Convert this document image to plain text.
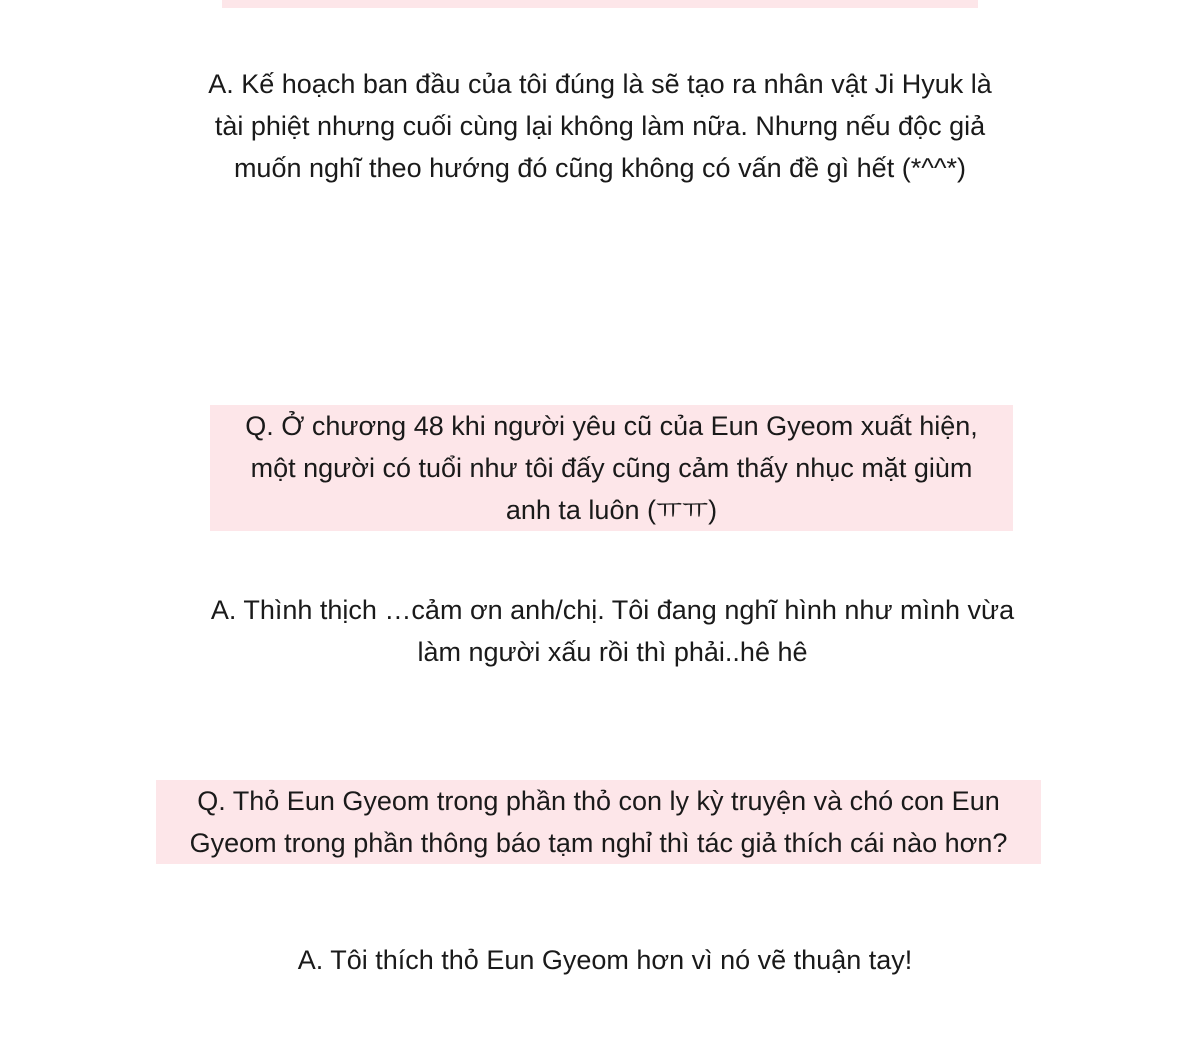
A. Kế hoạch ban đầu của tôi đúng là sẽ tạo ra nhân vật Ji Hyuk là
tài phiệt nhưng cuối cùng lại không làm nữa. Nhưng nếu độc giả
muốn nghĩ theo hướng đó cũng không có vấn đề gì hết (*^^*)
Q. Ở chương 48 khi người yêu cũ của Eun Gyeom xuất hiện,
một người có tuổi như tôi đấy cũng cảm thấy nhục mặt giùm
anh ta luôn (ㅠㅠ)
A. Thình thịch …cảm ơn anh/chị. Tôi đang nghĩ hình như mình vừa
làm người xấu rồi thì phải..hê hê
Q. Thỏ Eun Gyeom trong phần thỏ con ly kỳ truyện và chó con Eun
Gyeom trong phần thông báo tạm nghỉ thì tác giả thích cái nào hơn?
A. Tôi thích thỏ Eun Gyeom hơn vì nó vẽ thuận tay!
